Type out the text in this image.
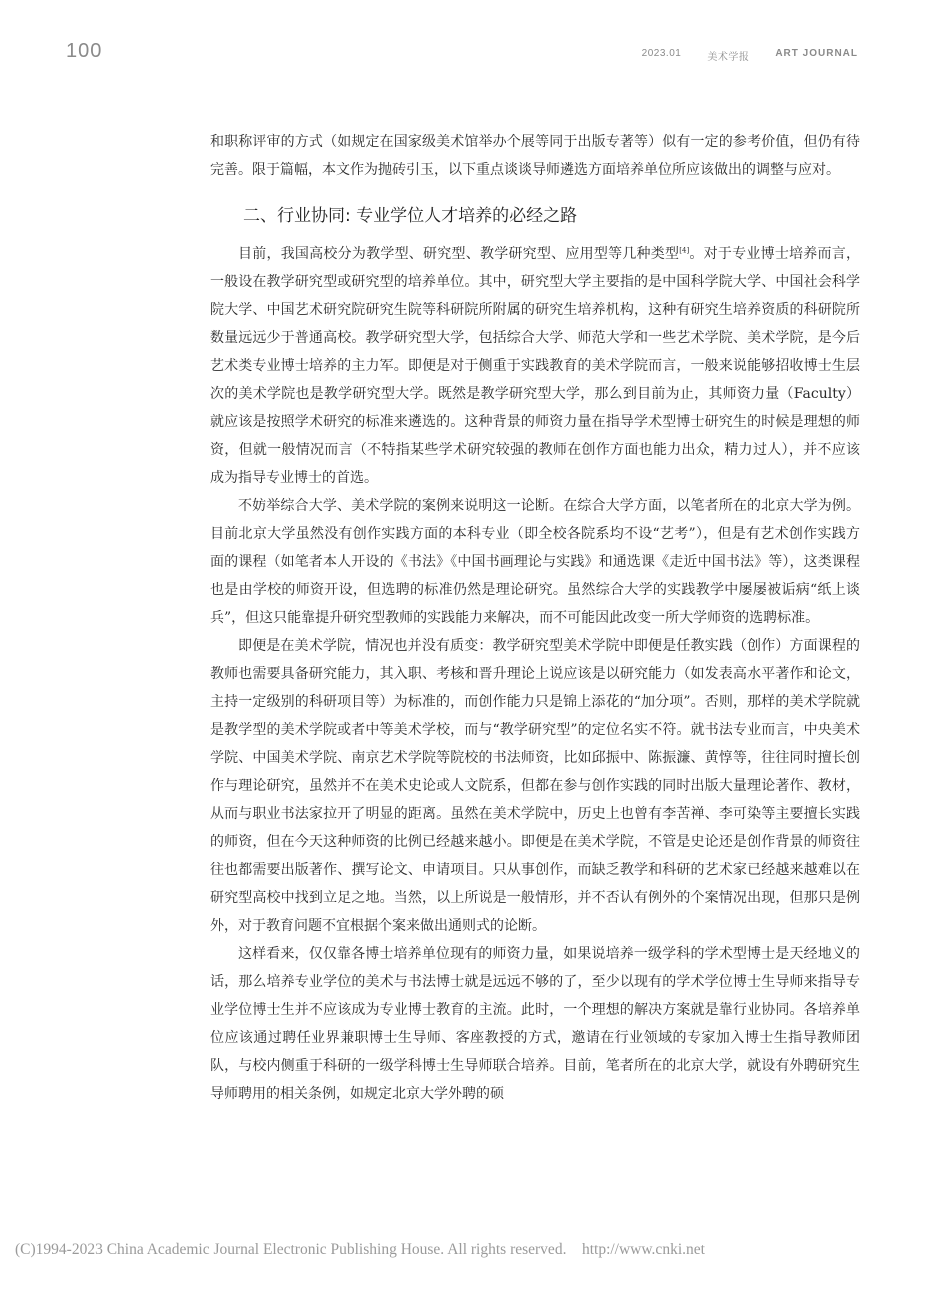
100	2023.01	美术学报	ART JOURNAL

和职称评审的方式（如规定在国家级美术馆举办个展等同于出版专著等）似有一定的参考价值，但仍有待完善。限于篇幅，本文作为抛砖引玉，以下重点谈谈导师遴选方面培养单位所应该做出的调整与应对。

二、行业协同: 专业学位人才培养的必经之路

目前，我国高校分为教学型、研究型、教学研究型、应用型等几种类型[4]。对于专业博士培养而言，一般设在教学研究型或研究型的培养单位。其中，研究型大学主要指的是中国科学院大学、中国社会科学院大学、中国艺术研究院研究生院等科研院所附属的研究生培养机构，这种有研究生培养资质的科研院所数量远远少于普通高校。教学研究型大学，包括综合大学、师范大学和一些艺术学院、美术学院，是今后艺术类专业博士培养的主力军。即便是对于侧重于实践教育的美术学院而言，一般来说能够招收博士生层次的美术学院也是教学研究型大学。既然是教学研究型大学，那么到目前为止，其师资力量（Faculty）就应该是按照学术研究的标准来遴选的。这种背景的师资力量在指导学术型博士研究生的时候是理想的师资，但就一般情况而言（不特指某些学术研究较强的教师在创作方面也能力出众，精力过人），并不应该成为指导专业博士的首选。

不妨举综合大学、美术学院的案例来说明这一论断。在综合大学方面，以笔者所在的北京大学为例。目前北京大学虽然没有创作实践方面的本科专业（即全校各院系均不设“艺考”），但是有艺术创作实践方面的课程（如笔者本人开设的《书法》《中国书画理论与实践》和通选课《走近中国书法》等），这类课程也是由学校的师资开设，但选聘的标准仍然是理论研究。虽然综合大学的实践教学中屡屡被诟病“纸上谈兵”，但这只能靠提升研究型教师的实践能力来解决，而不可能因此改变一所大学师资的选聘标准。

即便是在美术学院，情况也并没有质变：教学研究型美术学院中即便是任教实践（创作）方面课程的教师也需要具备研究能力，其入职、考核和晋升理论上说应该是以研究能力（如发表高水平著作和论文，主持一定级别的科研项目等）为标准的，而创作能力只是锦上添花的“加分项”。否则，那样的美术学院就是教学型的美术学院或者中等美术学校，而与“教学研究型”的定位名实不符。就书法专业而言，中央美术学院、中国美术学院、南京艺术学院等院校的书法师资，比如邱振中、陈振濂、黄惇等，往往同时擅长创作与理论研究，虽然并不在美术史论或人文院系，但都在参与创作实践的同时出版大量理论著作、教材，从而与职业书法家拉开了明显的距离。虽然在美术学院中，历史上也曾有李苦禅、李可染等主要擅长实践的师资，但在今天这种师资的比例已经越来越小。即便是在美术学院，不管是史论还是创作背景的师资往往也都需要出版著作、撰写论文、申请项目。只从事创作，而缺乏教学和科研的艺术家已经越来越难以在研究型高校中找到立足之地。当然，以上所说是一般情形，并不否认有例外的个案情况出现，但那只是例外，对于教育问题不宜根据个案来做出通则式的论断。

这样看来，仅仅靠各博士培养单位现有的师资力量，如果说培养一级学科的学术型博士是天经地义的话，那么培养专业学位的美术与书法博士就是远远不够的了，至少以现有的学术学位博士生导师来指导专业学位博士生并不应该成为专业博士教育的主流。此时，一个理想的解决方案就是靠行业协同。各培养单位应该通过聘任业界兼职博士生导师、客座教授的方式，邀请在行业领域的专家加入博士生指导教师团队，与校内侧重于科研的一级学科博士生导师联合培养。目前，笔者所在的北京大学，就设有外聘研究生导师聘用的相关条例，如规定北京大学外聘的硕

(C)1994-2023 China Academic Journal Electronic Publishing House. All rights reserved. http://www.cnki.net
